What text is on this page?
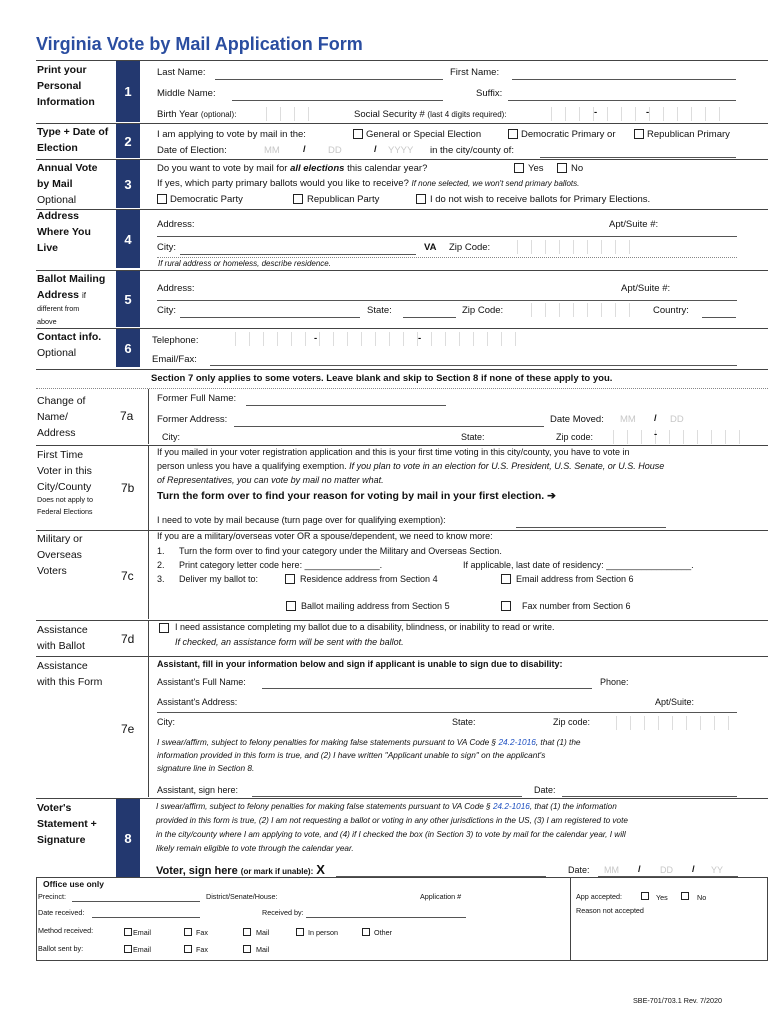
Virginia Vote by Mail Application Form
Print your
Personal
Information
1
Last Name:	First Name:
Middle Name:	Suffix:
Birth Year (optional):	Social Security # (last 4 digits required):	-	-
Type + Date of
Election	2	I am applying to vote by mail in the:	General or Special Election	Democratic Primary or	Republican Primary
Date of Election:	MM / DD	/ YYYY in the city/county of:
Annual Vote
by Mail
Optional
3
Do you want to vote by mail for all elections this calendar year?	Yes	No
If yes, which party primary ballots would you like to receive? If none selected, we won't send primary ballots.
Democratic Party	Republican Party	I do not wish to receive ballots for Primary Elections.
Address
Where You
Live
4
Address:	Apt/Suite #:
City:	VA Zip Code:
If rural address or homeless, describe residence.
Ballot Mailing
Address if
different from
above
5
Address:	Apt/Suite #:
City:	State:	Zip Code:	Country:
Contact info.
Optional	6	Telephone:	-	-
Email/Fax:
Section 7 only applies to some voters. Leave blank and skip to Section 8 if none of these apply to you.
Change of
Name/
Address
7a
Former Full Name:
Former Address:	Date Moved: MM / DD
City:	State:	Zip code:	-
First Time
Voter in this
City/County
Does not apply to
Federal Elections
7b
If you mailed in your voter registration application and this is your first time voting in this city/county, you have to vote in
person unless you have a qualifying exemption. If you plan to vote in an election for U.S. President, U.S. Senate, or U.S. House
of Representatives, you can vote by mail no matter what.
Turn the form over to find your reason for voting by mail in your first election. ➔
I need to vote by mail because (turn page over for qualifying exemption):
Military or
Overseas
Voters	7c
If you are a military/overseas voter OR a spouse/dependent, we need to know more:
1. Turn the form over to find your category under the Military and Overseas Section.
2. Print category letter code here: _______________.	If applicable, last date of residency: _________________.
3. Deliver my ballot to:	Residence address from Section 4	Email address from Section 6
Ballot mailing address from Section 5	Fax number from Section 6
Assistance
with Ballot	7d
I need assistance completing my ballot due to a disability, blindness, or inability to read or write.
If checked, an assistance form will be sent with the ballot.
Assistance
with this Form
7e
Assistant, fill in your information below and sign if applicant is unable to sign due to disability:
Assistant's Full Name:	Phone:
Assistant's Address:	Apt/Suite:
City:	State:	Zip code:
I swear/affirm, subject to felony penalties for making false statements pursuant to VA Code § 24.2-1016, that (1) the
information provided in this form is true, and (2) I have written "Applicant unable to sign" on the applicant's
signature line in Section 8.
Assistant, sign here:	Date:
Voter's
Statement +
Signature	8
I swear/affirm, subject to felony penalties for making false statements pursuant to VA Code § 24.2-1016, that (1) the information
provided in this form is true, (2) I am not requesting a ballot or voting in any other jurisdictions in the US, (3) I am registered to vote
in the city/county where I am applying to vote, and (4) if I checked the box (in Section 3) to vote by mail for the calendar year, I will
likely remain eligible to vote through the calendar year.
Voter, sign here (or mark if unable): X	Date: MM / DD / YY
Office use only
Precinct:	District/Senate/House:	Application #	App accepted:	Yes	No
Date received:	Received by:	Reason not accepted
Method received:	Email	Fax	Mail	In person	Other
Ballot sent by:	Email	Fax	Mail
SBE-701/703.1 Rev. 7/2020
